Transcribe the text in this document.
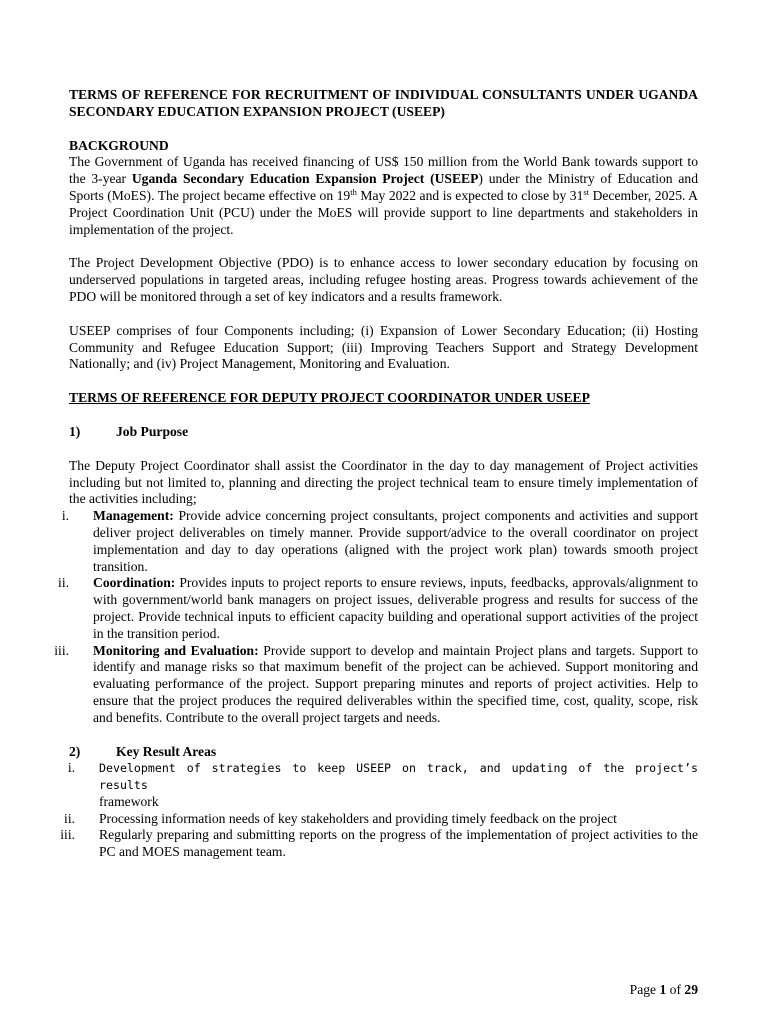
TERMS OF REFERENCE FOR RECRUITMENT OF INDIVIDUAL CONSULTANTS UNDER UGANDA SECONDARY EDUCATION EXPANSION PROJECT (USEEP)

BACKGROUND

The Government of Uganda has received financing of US$ 150 million from the World Bank towards support to the 3-year Uganda Secondary Education Expansion Project (USEEP) under the Ministry of Education and Sports (MoES). The project became effective on 19th May 2022 and is expected to close by 31st December, 2025. A Project Coordination Unit (PCU) under the MoES will provide support to line departments and stakeholders in implementation of the project.

The Project Development Objective (PDO) is to enhance access to lower secondary education by focusing on underserved populations in targeted areas, including refugee hosting areas. Progress towards achievement of the PDO will be monitored through a set of key indicators and a results framework.

USEEP comprises of four Components including; (i) Expansion of Lower Secondary Education; (ii) Hosting Community and Refugee Education Support; (iii) Improving Teachers Support and Strategy Development Nationally; and (iv) Project Management, Monitoring and Evaluation.

TERMS OF REFERENCE FOR DEPUTY PROJECT COORDINATOR UNDER USEEP
1)	Job Purpose

The Deputy Project Coordinator shall assist the Coordinator in the day to day management of Project activities including but not limited to, planning and directing the project technical team to ensure timely implementation of the activities including;

i. Management: Provide advice concerning project consultants, project components and activities and support deliver project deliverables on timely manner. Provide support/advice to the overall coordinator on project implementation and day to day operations (aligned with the project work plan) towards smooth project transition.
ii. Coordination: Provides inputs to project reports to ensure reviews, inputs, feedbacks, approvals/alignment to with government/world bank managers on project issues, deliverable progress and results for success of the project. Provide technical inputs to efficient capacity building and operational support activities of the project in the transition period.
iii. Monitoring and Evaluation: Provide support to develop and maintain Project plans and targets. Support to identify and manage risks so that maximum benefit of the project can be achieved. Support monitoring and evaluating performance of the project. Support preparing minutes and reports of project activities. Help to ensure that the project produces the required deliverables within the specified time, cost, quality, scope, risk and benefits. Contribute to the overall project targets and needs.
2)	Key Result Areas
i. Development of strategies to keep USEEP on track, and updating of the project’s results
framework
ii. Processing information needs of key stakeholders and providing timely feedback on the project
iii. Regularly preparing and submitting reports on the progress of the implementation of project activities to the PC and MOES management team.
Page 1 of 29
